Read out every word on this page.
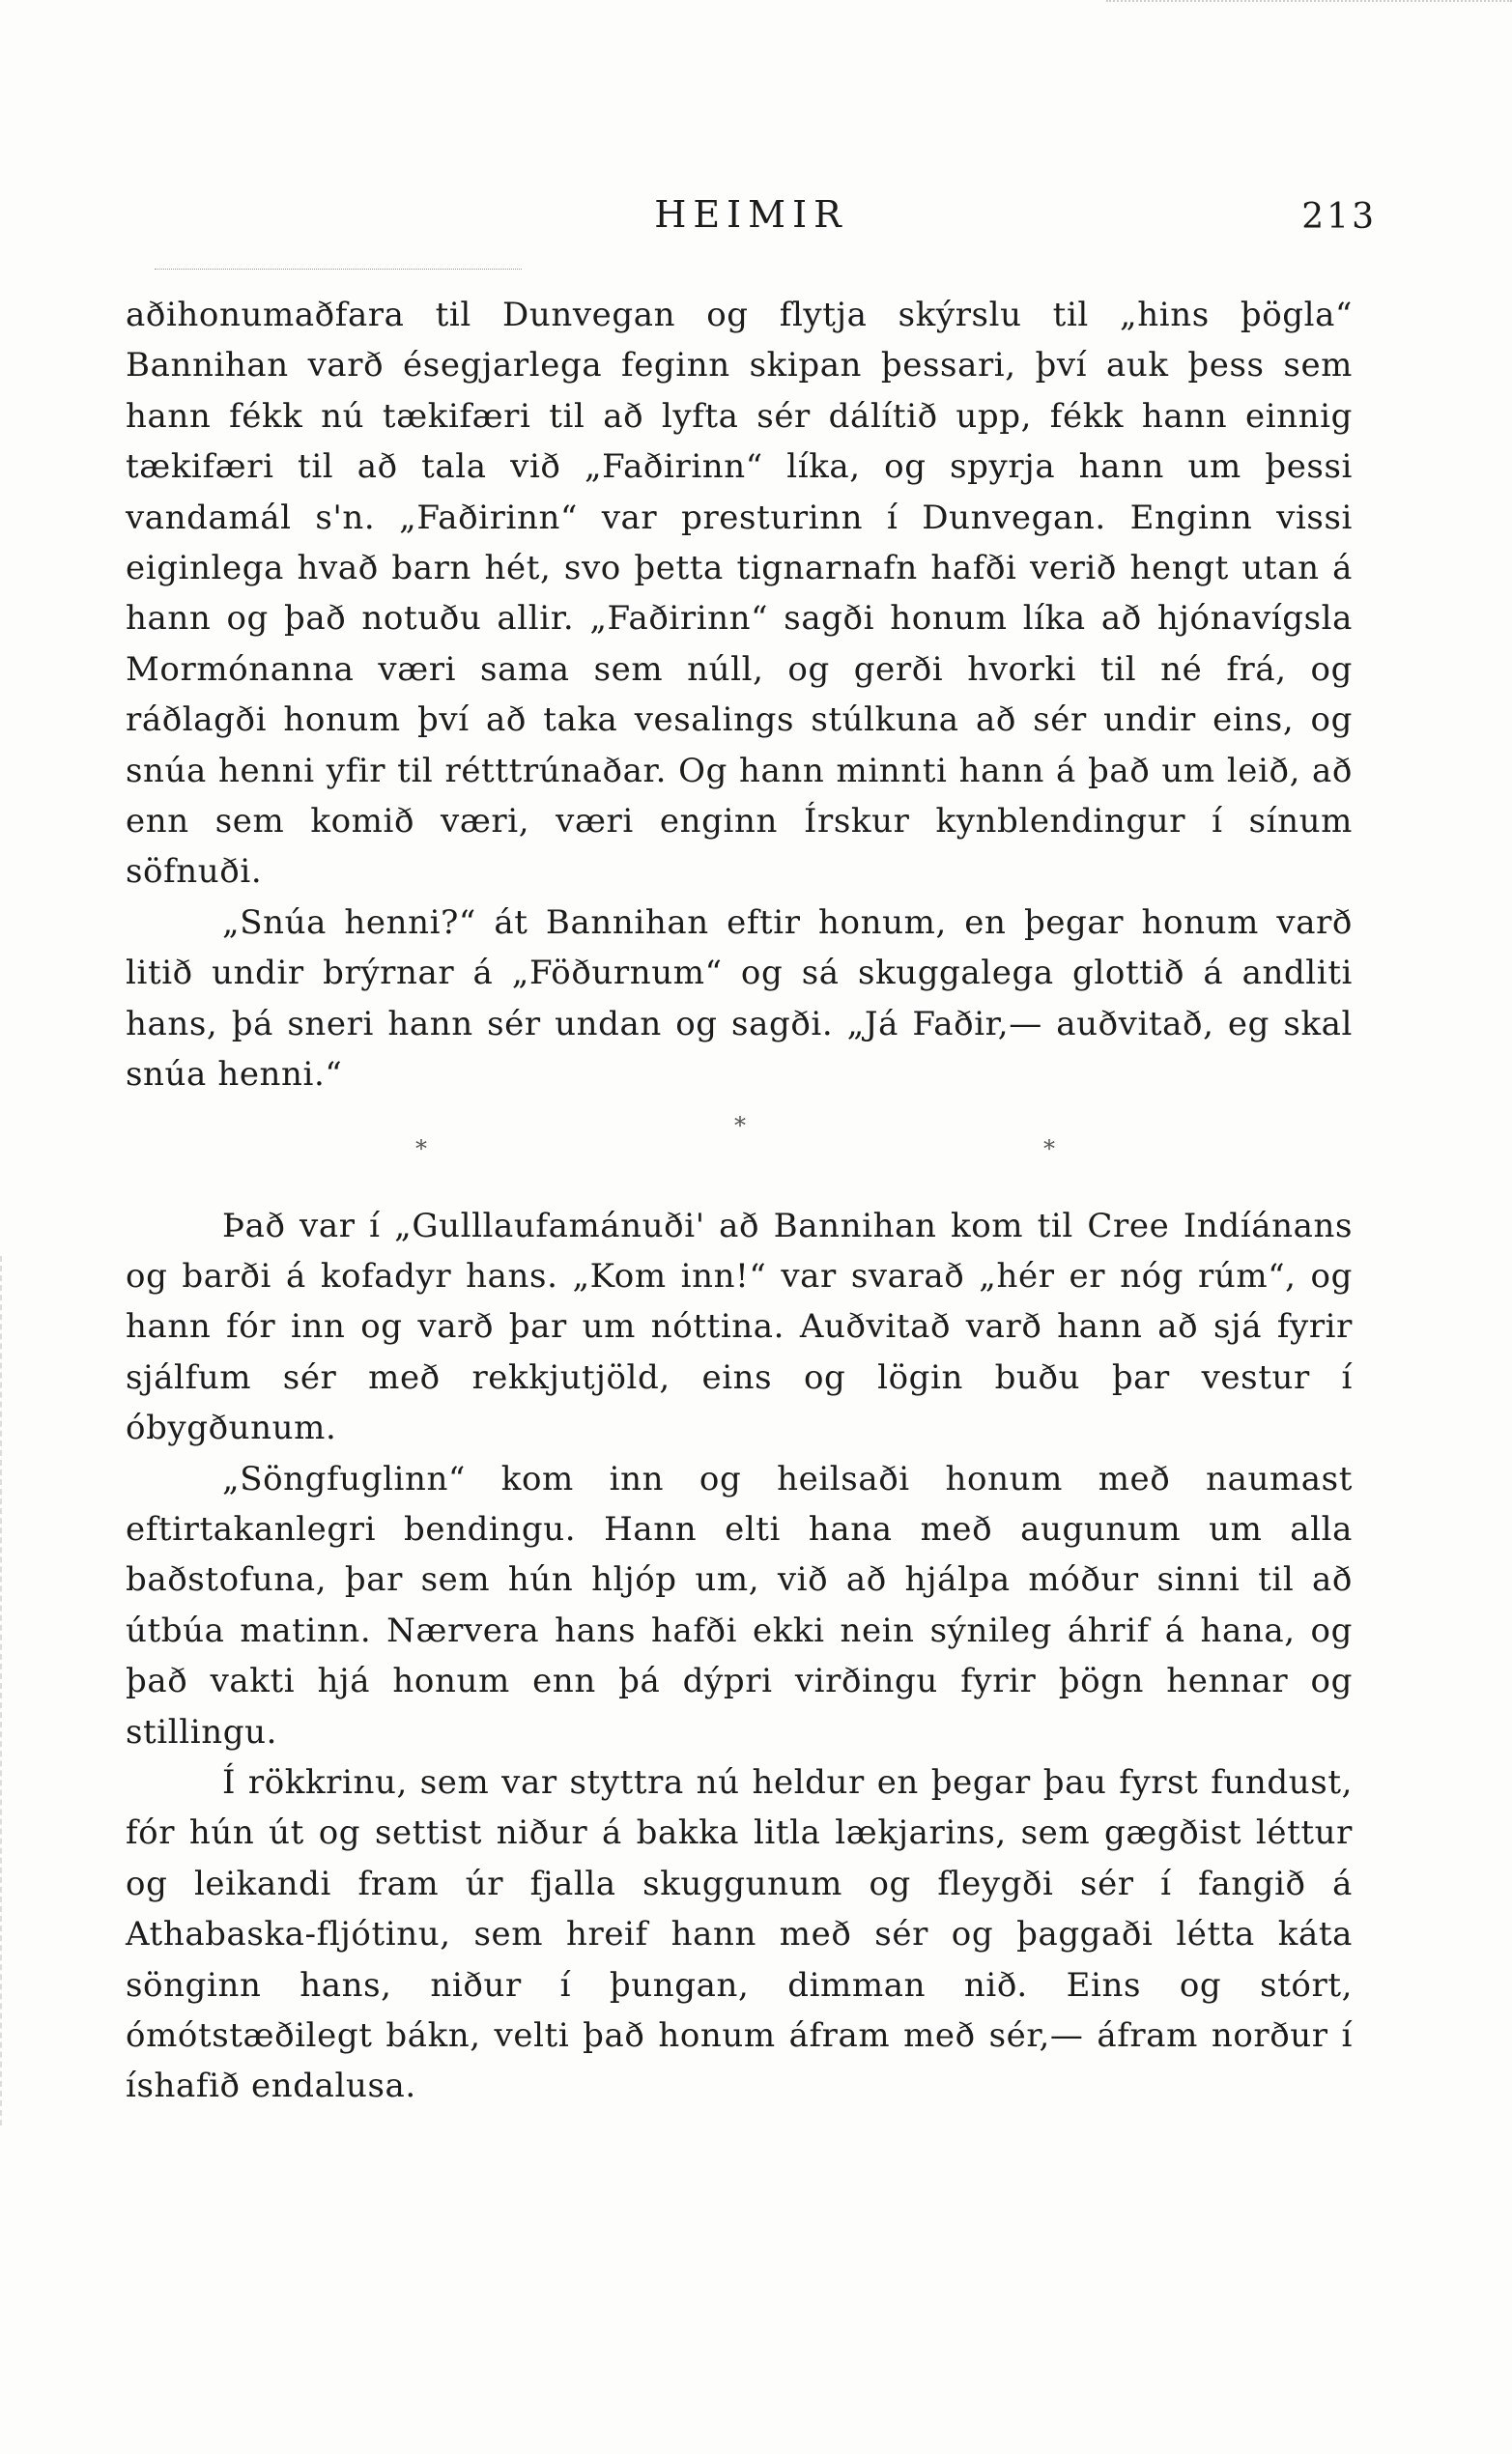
HEIMIR	213

aðihonumaðfara til Dunvegan og flytja skýrslu til „hins þögla“ Bannihan varð ésegjarlega feginn skipan þessari, því auk þess sem hann fékk nú tækifæri til að lyfta sér dálítið upp, fékk hann einnig tækifæri til að tala við „Faðirinn“ líka, og spyrja hann um þessi vandamál s'n. „Faðirinn“ var presturinn í Dunvegan. Enginn vissi eiginlega hvað barn hét, svo þetta tignarnafn hafði verið hengt utan á hann og það notuðu allir. „Faðirinn“ sagði honum líka að hjónavígsla Mormónanna væri sama sem núll, og gerði hvorki til né frá, og ráðlagði honum því að taka vesalings stúlkuna að sér undir eins, og snúa henni yfir til rétttrúnaðar. Og hann minnti hann á það um leið, að enn sem komið væri, væri enginn Írskur kynblendingur í sínum söfnuði.

„Snúa henni?“ át Bannihan eftir honum, en þegar honum varð litið undir brýrnar á „Föðurnum“ og sá skuggalega glottið á andliti hans, þá sneri hann sér undan og sagði. „Já Faðir,— auðvitað, eg skal snúa henni.“

*
*	*

Það var í „Gulllaufamánuði' að Bannihan kom til Cree Indíánans og barði á kofadyr hans. „Kom inn!“ var svarað „hér er nóg rúm“, og hann fór inn og varð þar um nóttina. Auðvitað varð hann að sjá fyrir sjálfum sér með rekkjutjöld, eins og lögin buðu þar vestur í óbygðunum.

„Söngfuglinn“ kom inn og heilsaði honum með naumast eftirtakanlegri bendingu. Hann elti hana með augunum um alla baðstofuna, þar sem hún hljóp um, við að hjálpa móður sinni til að útbúa matinn. Nærvera hans hafði ekki nein sýnileg áhrif á hana, og það vakti hjá honum enn þá dýpri virðingu fyrir þögn hennar og stillingu.

Í rökkrinu, sem var styttra nú heldur en þegar þau fyrst fundust, fór hún út og settist niður á bakka litla lækjarins, sem gægðist léttur og leikandi fram úr fjalla skuggunum og fleygði sér í fangið á Athabaska-fljótinu, sem hreif hann með sér og þaggaði létta káta sönginn hans, niður í þungan, dimman nið. Eins og stórt, ómótstæðilegt bákn, velti það honum áfram með sér,— áfram norður í íshafið endalusa.
